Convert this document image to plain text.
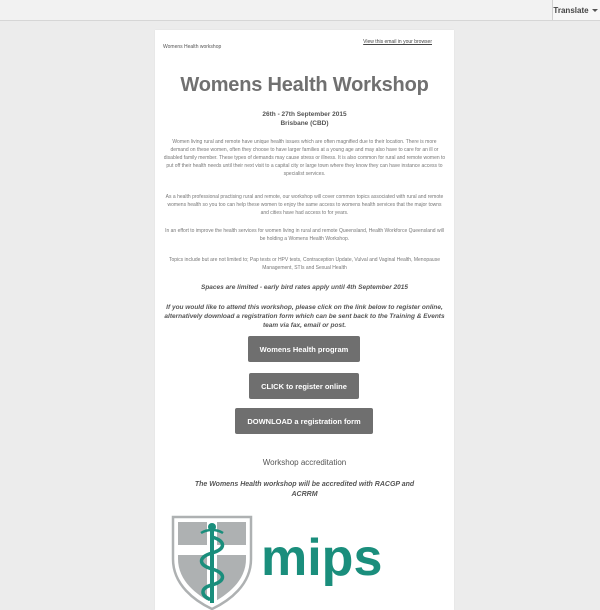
Translate
Womens Health workshop
View this email in your browser
Womens Health Workshop
26th - 27th September 2015
Brisbane (CBD)
Women living rural and remote have unique health issues which are often magnified due to their location. There is more demand on these women, often they choose to have larger families at a young age and may also have to care for an ill or disabled family member. These types of demands may cause stress or illness. It is also common for rural and remote women to put off their health needs until their next visit to a capital city or large town where they know they can have instance access to specialist services.
As a health professional practising rural and remote, our workshop will cover common topics associated with rural and remote womens health so you too can help these women to enjoy the same access to womens health services that the major towns and cities have had access to for years.
In an effort to improve the health services for women living in rural and remote Queensland, Health Workforce Queensland will be holding a Womens Health Workshop.
Topics include but are not limited to; Pap tests or HPV tests, Contraception Update, Vulval and Vaginal Health, Menopause Management, STIs and Sexual Health
Spaces are limited - early bird rates apply until 4th September 2015
If you would like to attend this workshop, please click on the link below to register online, alternatively download a registration form which can be sent back to the Training & Events team via fax, email or post.
Womens Health program
CLICK to register online
DOWNLOAD a registration form
Workshop accreditation
The Womens Health workshop will be accredited with RACGP and ACRRM
mips
